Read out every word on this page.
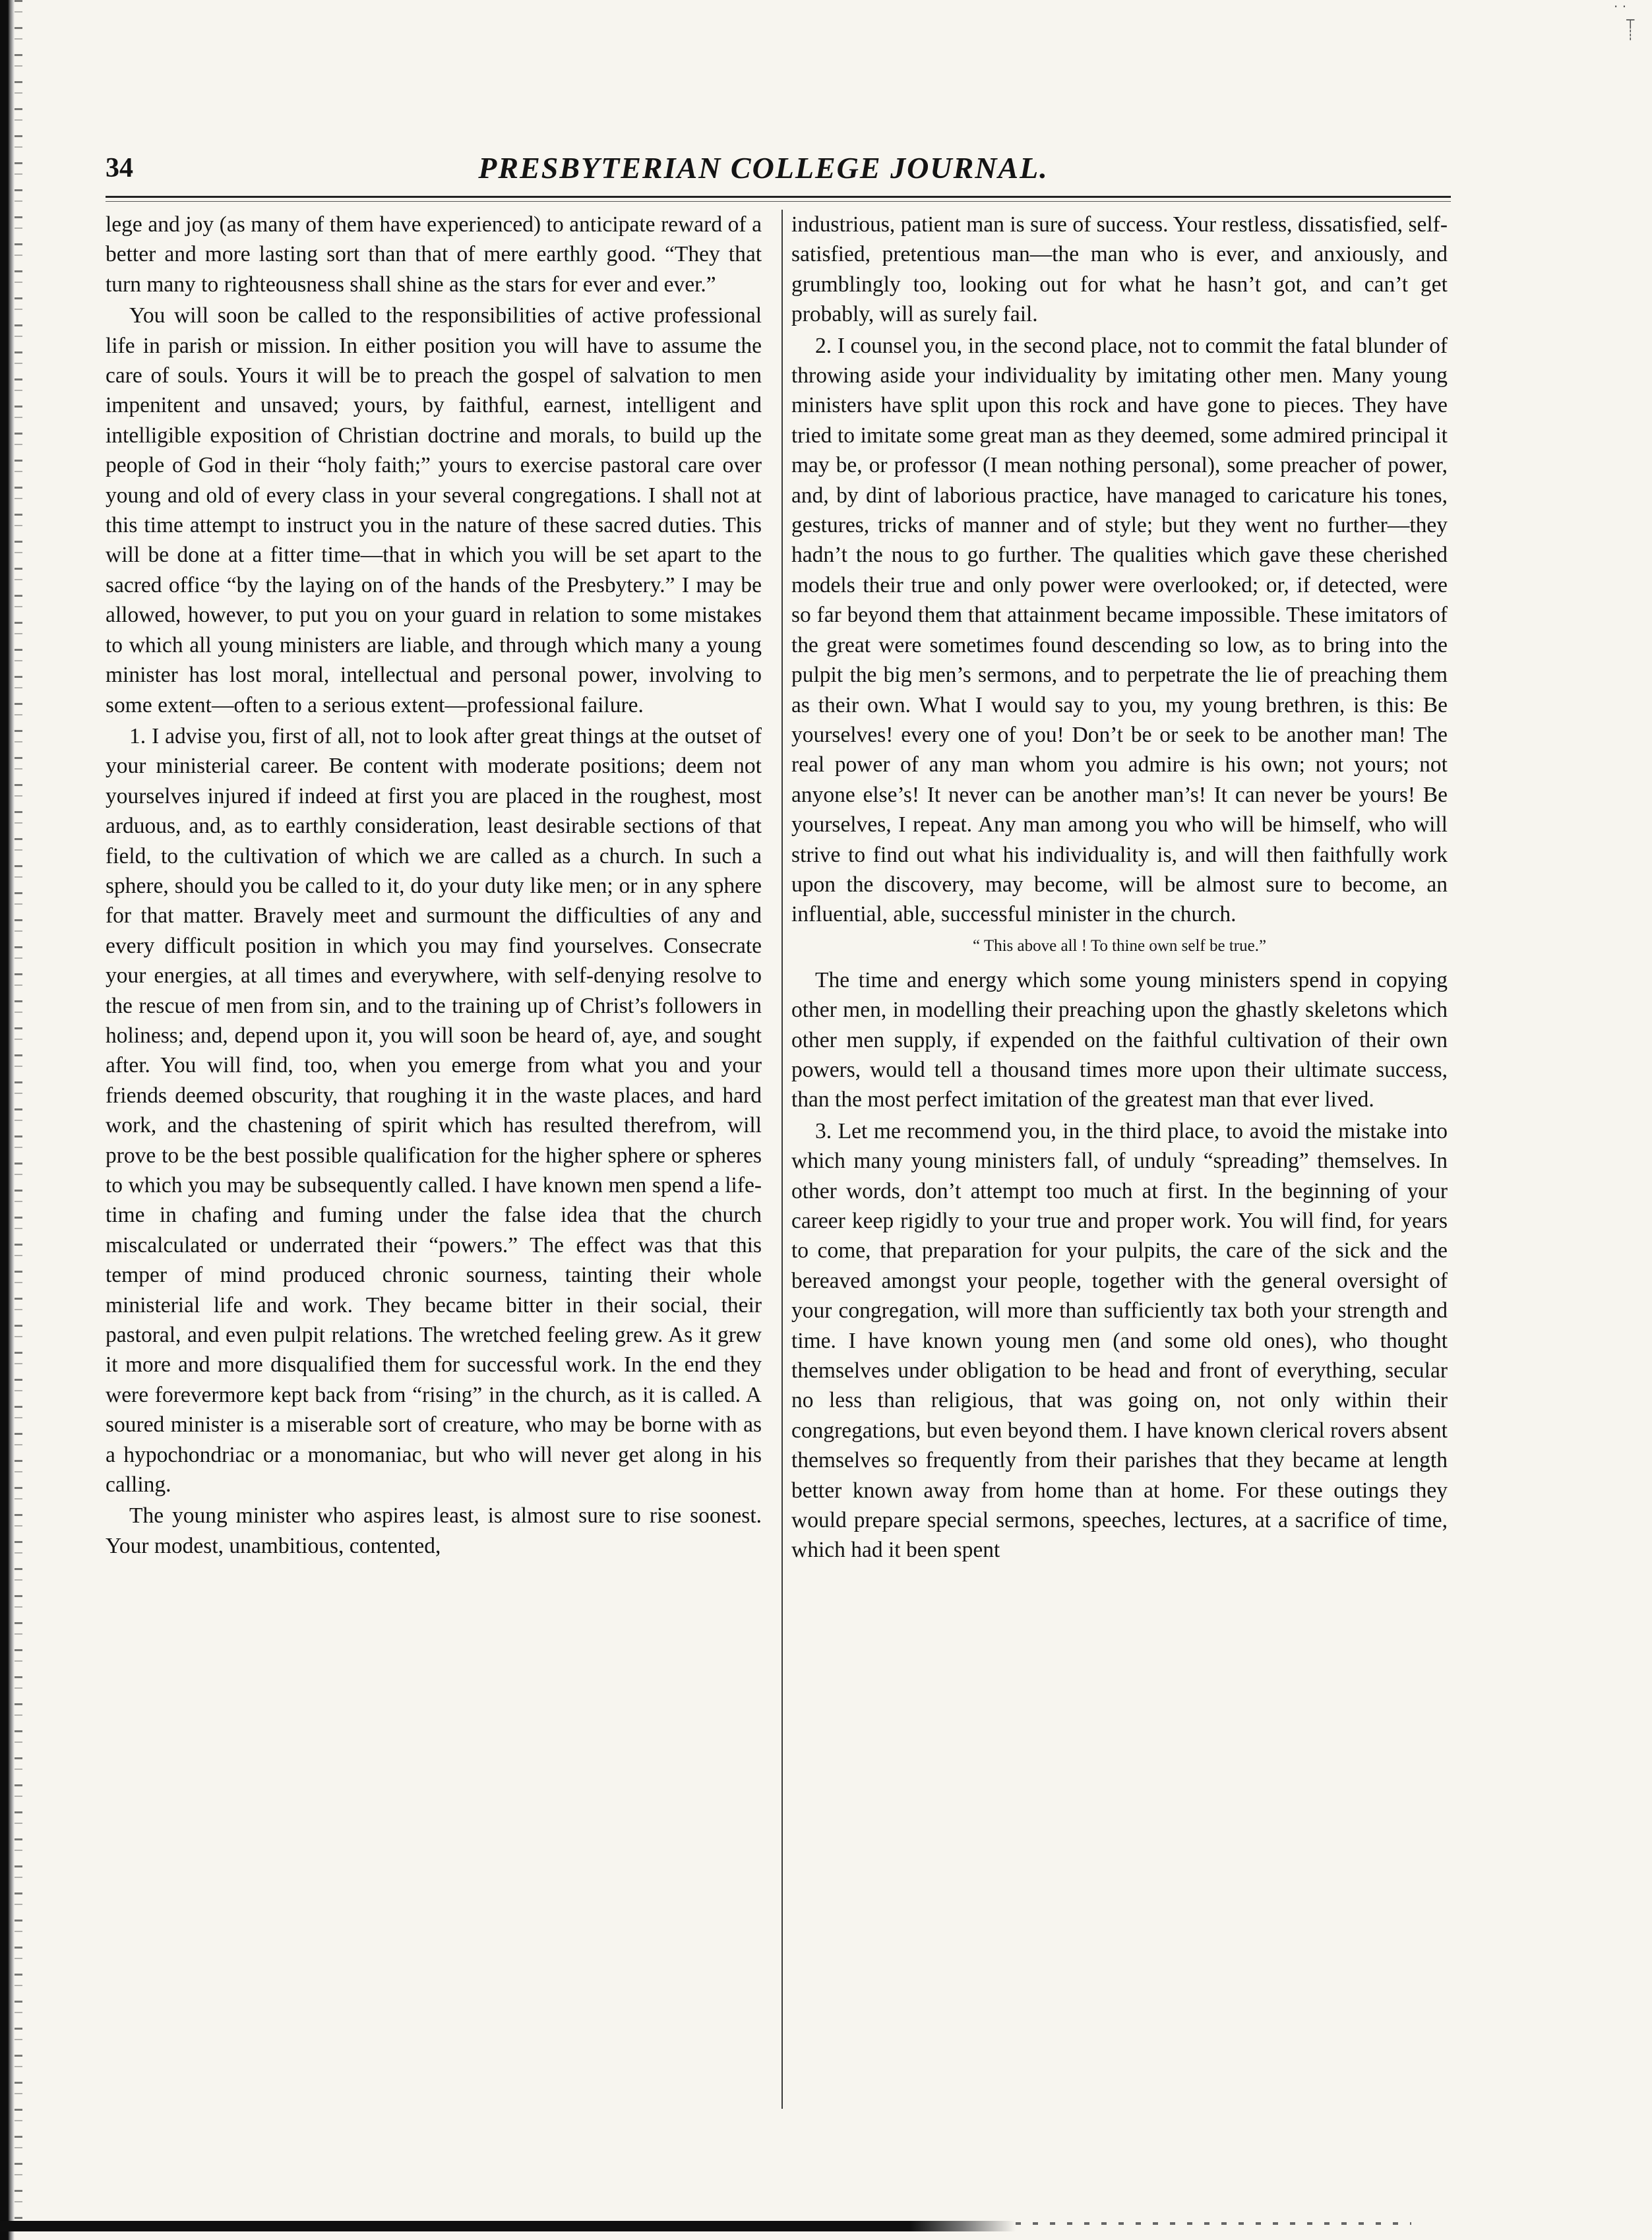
· ·
┬
┊
34	PRESBYTERIAN COLLEGE JOURNAL.

lege and joy (as many of them have experienced) to anticipate reward of a better and more lasting sort than that of mere earthly good. “They that turn many to righteousness shall shine as the stars for ever and ever.”

You will soon be called to the responsibilities of active professional life in parish or mission. In either position you will have to assume the care of souls. Yours it will be to preach the gospel of salvation to men impenitent and unsaved; yours, by faithful, earnest, intelligent and intelligible exposition of Christian doctrine and morals, to build up the people of God in their “holy faith;” yours to exercise pastoral care over young and old of every class in your several congregations. I shall not at this time attempt to instruct you in the nature of these sacred duties. This will be done at a fitter time—that in which you will be set apart to the sacred office “by the laying on of the hands of the Presbytery.” I may be allowed, however, to put you on your guard in relation to some mistakes to which all young ministers are liable, and through which many a young minister has lost moral, intellectual and personal power, involving to some extent—often to a serious extent—professional failure.

1. I advise you, first of all, not to look after great things at the outset of your ministerial career. Be content with moderate positions; deem not yourselves injured if indeed at first you are placed in the roughest, most arduous, and, as to earthly consideration, least desirable sections of that field, to the cultivation of which we are called as a church. In such a sphere, should you be called to it, do your duty like men; or in any sphere for that matter. Bravely meet and surmount the difficulties of any and every difficult position in which you may find yourselves. Consecrate your energies, at all times and everywhere, with self-denying resolve to the rescue of men from sin, and to the training up of Christ’s followers in holiness; and, depend upon it, you will soon be heard of, aye, and sought after. You will find, too, when you emerge from what you and your friends deemed obscurity, that roughing it in the waste places, and hard work, and the chastening of spirit which has resulted therefrom, will prove to be the best possible qualification for the higher sphere or spheres to which you may be subsequently called. I have known men spend a life-time in chafing and fuming under the false idea that the church miscalculated or underrated their “powers.” The effect was that this temper of mind produced chronic sourness, tainting their whole ministerial life and work. They became bitter in their social, their pastoral, and even pulpit relations. The wretched feeling grew. As it grew it more and more disqualified them for successful work. In the end they were forevermore kept back from “rising” in the church, as it is called. A soured minister is a miserable sort of creature, who may be borne with as a hypochondriac or a monomaniac, but who will never get along in his calling.

The young minister who aspires least, is almost sure to rise soonest. Your modest, unambitious, contented,

industrious, patient man is sure of success. Your restless, dissatisfied, self-satisfied, pretentious man—the man who is ever, and anxiously, and grumblingly too, looking out for what he hasn’t got, and can’t get probably, will as surely fail.

2. I counsel you, in the second place, not to commit the fatal blunder of throwing aside your individuality by imitating other men. Many young ministers have split upon this rock and have gone to pieces. They have tried to imitate some great man as they deemed, some admired principal it may be, or professor (I mean nothing personal), some preacher of power, and, by dint of laborious practice, have managed to caricature his tones, gestures, tricks of manner and of style; but they went no further—they hadn’t the nous to go further. The qualities which gave these cherished models their true and only power were overlooked; or, if detected, were so far beyond them that attainment became impossible. These imitators of the great were sometimes found descending so low, as to bring into the pulpit the big men’s sermons, and to perpetrate the lie of preaching them as their own. What I would say to you, my young brethren, is this: Be yourselves! every one of you! Don’t be or seek to be another man! The real power of any man whom you admire is his own; not yours; not anyone else’s! It never can be another man’s! It can never be yours! Be yourselves, I repeat. Any man among you who will be himself, who will strive to find out what his individuality is, and will then faithfully work upon the discovery, may become, will be almost sure to become, an influential, able, successful minister in the church.

“ This above all ! To thine own self be true.”

The time and energy which some young ministers spend in copying other men, in modelling their preaching upon the ghastly skeletons which other men supply, if expended on the faithful cultivation of their own powers, would tell a thousand times more upon their ultimate success, than the most perfect imitation of the greatest man that ever lived.

3. Let me recommend you, in the third place, to avoid the mistake into which many young ministers fall, of unduly “spreading” themselves. In other words, don’t attempt too much at first. In the beginning of your career keep rigidly to your true and proper work. You will find, for years to come, that preparation for your pulpits, the care of the sick and the bereaved amongst your people, together with the general oversight of your congregation, will more than sufficiently tax both your strength and time. I have known young men (and some old ones), who thought themselves under obligation to be head and front of everything, secular no less than religious, that was going on, not only within their congregations, but even beyond them. I have known clerical rovers absent themselves so frequently from their parishes that they became at length better known away from home than at home. For these outings they would prepare special sermons, speeches, lectures, at a sacrifice of time, which had it been spent
